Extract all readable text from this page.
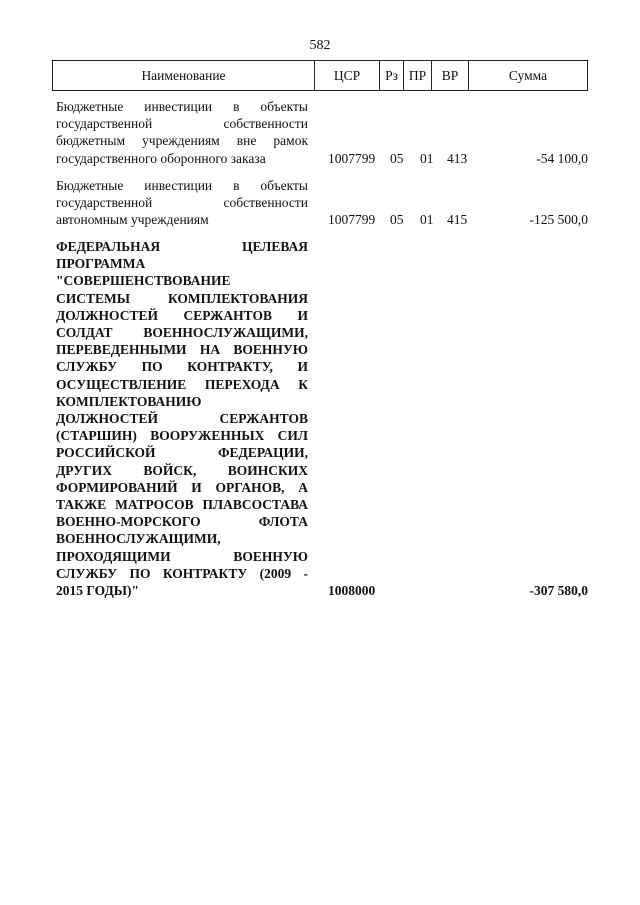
582
Наименование	ЦСР	Рз ПР	ВР	Сумма
Бюджетные инвестиции в объекты
государственной собственности
бюджетным учреждениям вне рамок
государственного оборонного заказа	1007799 05 01 413	-54 100,0
Бюджетные инвестиции в объекты
государственной собственности
автономным учреждениям	1007799 05 01 415	-125 500,0
ФЕДЕРАЛЬНАЯ ЦЕЛЕВАЯ
ПРОГРАММА
"СОВЕРШЕНСТВОВАНИЕ
СИСТЕМЫ КОМПЛЕКТОВАНИЯ
ДОЛЖНОСТЕЙ СЕРЖАНТОВ И
СОЛДАТ ВОЕННОСЛУЖАЩИМИ,
ПЕРЕВЕДЕННЫМИ НА ВОЕННУЮ
СЛУЖБУ ПО КОНТРАКТУ, И
ОСУЩЕСТВЛЕНИЕ ПЕРЕХОДА К
КОМПЛЕКТОВАНИЮ
ДОЛЖНОСТЕЙ СЕРЖАНТОВ
(СТАРШИН) ВООРУЖЕННЫХ СИЛ
РОССИЙСКОЙ ФЕДЕРАЦИИ,
ДРУГИХ ВОЙСК, ВОИНСКИХ
ФОРМИРОВАНИЙ И ОРГАНОВ, А
ТАКЖЕ МАТРОСОВ ПЛАВСОСТАВА
ВОЕННО-МОРСКОГО ФЛОТА
ВОЕННОСЛУЖАЩИМИ,
ПРОХОДЯЩИМИ ВОЕННУЮ
СЛУЖБУ ПО КОНТРАКТУ (2009 -
2015 ГОДЫ)"	1008000	-307 580,0
